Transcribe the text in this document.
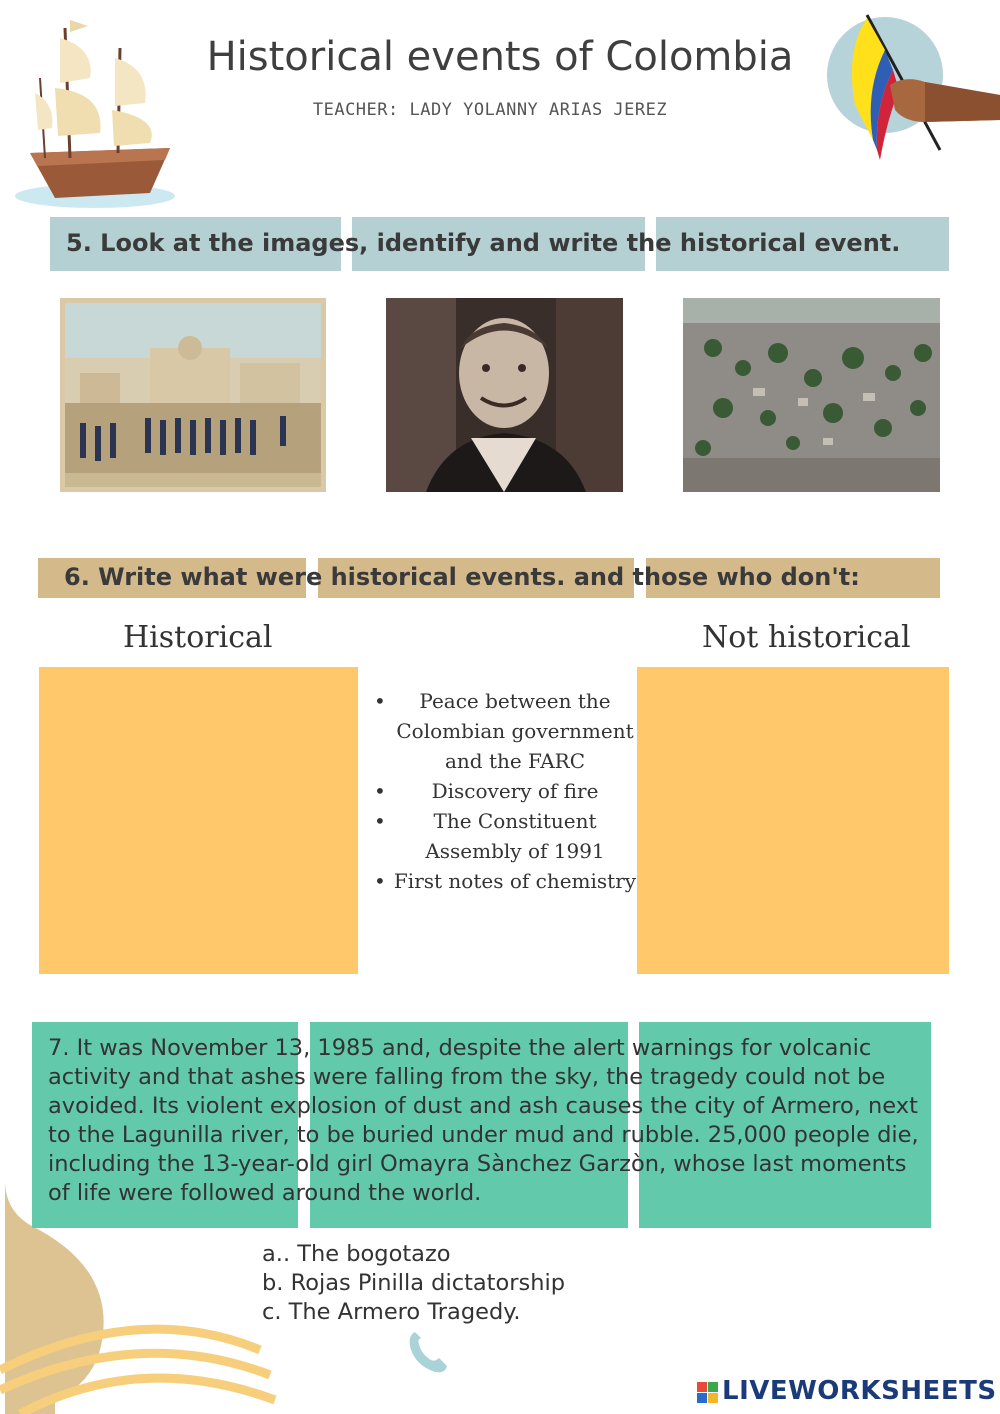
Historical events of Colombia
TEACHER: LADY YOLANNY ARIAS JEREZ
5. Look at the images, identify and write the historical event.
6. Write what were historical events. and those who don't:
Historical	Not historical
• Peace between the Colombian government and the FARC
• Discovery of fire
• The Constituent Assembly of 1991
• First notes of chemistry
7. It was November 13, 1985 and, despite the alert warnings for volcanic activity and that ashes were falling from the sky, the tragedy could not be avoided. Its violent explosion of dust and ash causes the city of Armero, next to the Lagunilla river, to be buried under mud and rubble. 25,000 people die, including the 13-year-old girl Omayra Sànchez Garzòn, whose last moments of life were followed around the world.
a.. The bogotazo
b. Rojas Pinilla dictatorship
c. The Armero Tragedy.
LIVEWORKSHEETS
